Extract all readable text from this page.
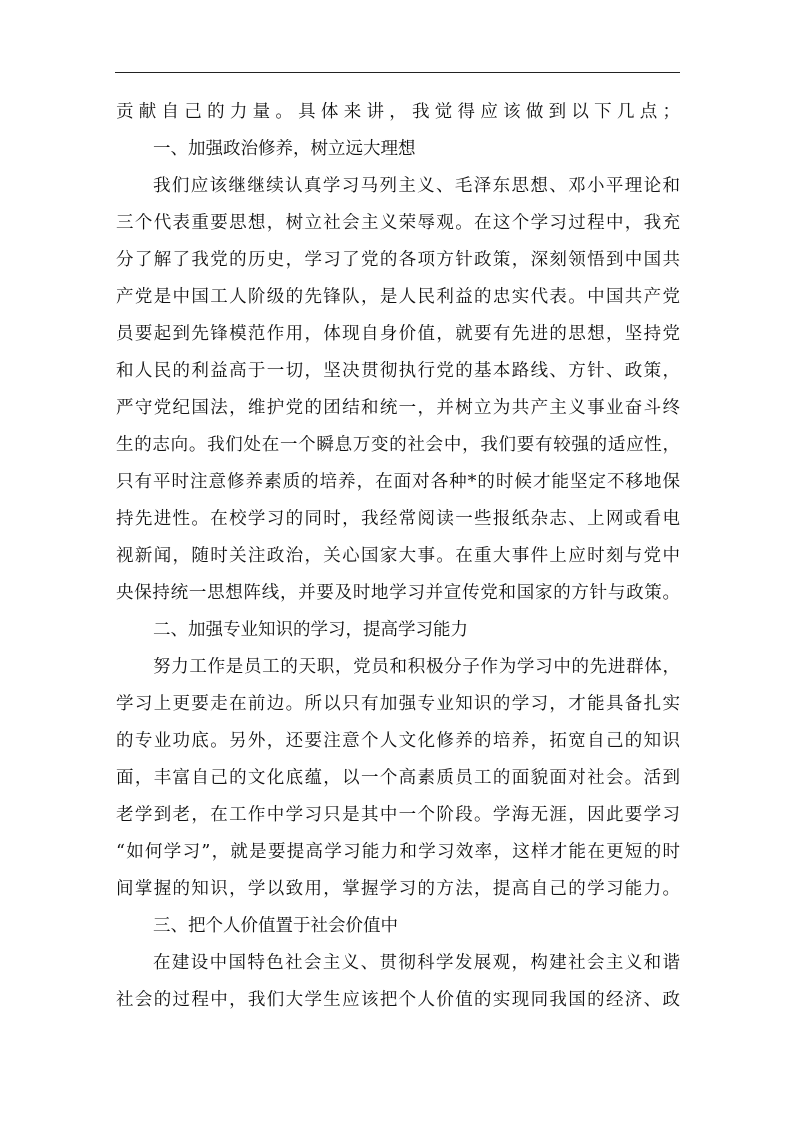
贡献自己的力量。具体来讲，我觉得应该做到以下几点；
一、加强政治修养，树立远大理想
我们应该继继续认真学习马列主义、毛泽东思想、邓小平理论和
三个代表重要思想，树立社会主义荣辱观。在这个学习过程中，我充
分了解了我党的历史，学习了党的各项方针政策，深刻领悟到中国共
产党是中国工人阶级的先锋队，是人民利益的忠实代表。中国共产党
员要起到先锋模范作用，体现自身价值，就要有先进的思想，坚持党
和人民的利益高于一切，坚决贯彻执行党的基本路线、方针、政策，
严守党纪国法，维护党的团结和统一，并树立为共产主义事业奋斗终
生的志向。我们处在一个瞬息万变的社会中，我们要有较强的适应性，
只有平时注意修养素质的培养，在面对各种*的时候才能坚定不移地保
持先进性。在校学习的同时，我经常阅读一些报纸杂志、上网或看电
视新闻，随时关注政治，关心国家大事。在重大事件上应时刻与党中
央保持统一思想阵线，并要及时地学习并宣传党和国家的方针与政策。
二、加强专业知识的学习，提高学习能力
努力工作是员工的天职，党员和积极分子作为学习中的先进群体，
学习上更要走在前边。所以只有加强专业知识的学习，才能具备扎实
的专业功底。另外，还要注意个人文化修养的培养，拓宽自己的知识
面，丰富自己的文化底蕴，以一个高素质员工的面貌面对社会。活到
老学到老，在工作中学习只是其中一个阶段。学海无涯，因此要学习
“如何学习”，就是要提高学习能力和学习效率，这样才能在更短的时
间掌握的知识，学以致用，掌握学习的方法，提高自己的学习能力。
三、把个人价值置于社会价值中
在建设中国特色社会主义、贯彻科学发展观，构建社会主义和谐
社会的过程中，我们大学生应该把个人价值的实现同我国的经济、政
